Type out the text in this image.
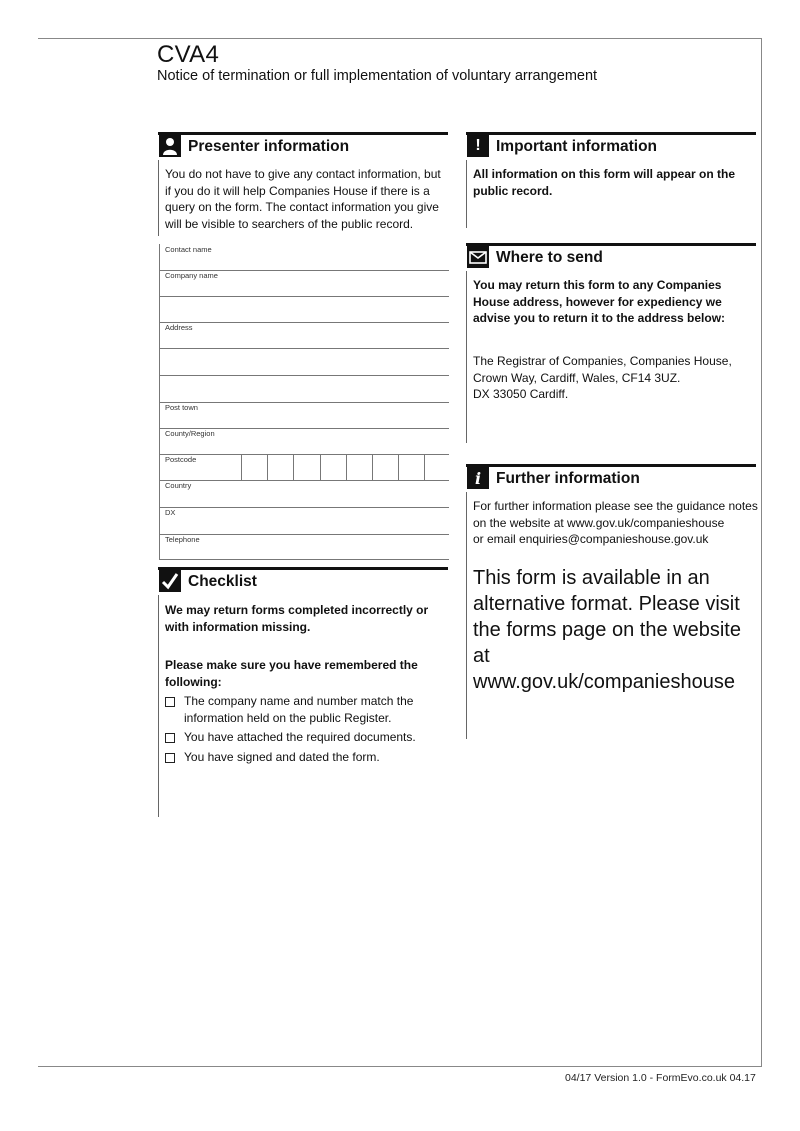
CVA4
Notice of termination or full implementation of voluntary arrangement
Presenter information
You do not have to give any contact information, but if you do it will help Companies House if there is a query on the form. The contact information you give will be visible to searchers of the public record.
Contact name
Company name
Address
Post town
County/Region
Postcode
Country
DX
Telephone
Checklist
We may return forms completed incorrectly or with information missing.
Please make sure you have remembered the following:
The company name and number match the information held on the public Register.
You have attached the required documents.
You have signed and dated the form.
! Important information
All information on this form will appear on the public record.
Where to send
You may return this form to any Companies House address, however for expediency we advise you to return it to the address below:
The Registrar of Companies, Companies House,
Crown Way, Cardiff, Wales, CF14 3UZ.
DX 33050 Cardiff.
i Further information
For further information please see the guidance notes
on the website at www.gov.uk/companieshouse
or email enquiries@companieshouse.gov.uk
This form is available in an alternative format. Please visit the forms page on the website at www.gov.uk/companieshouse
04/17 Version 1.0 - FormEvo.co.uk 04.17
